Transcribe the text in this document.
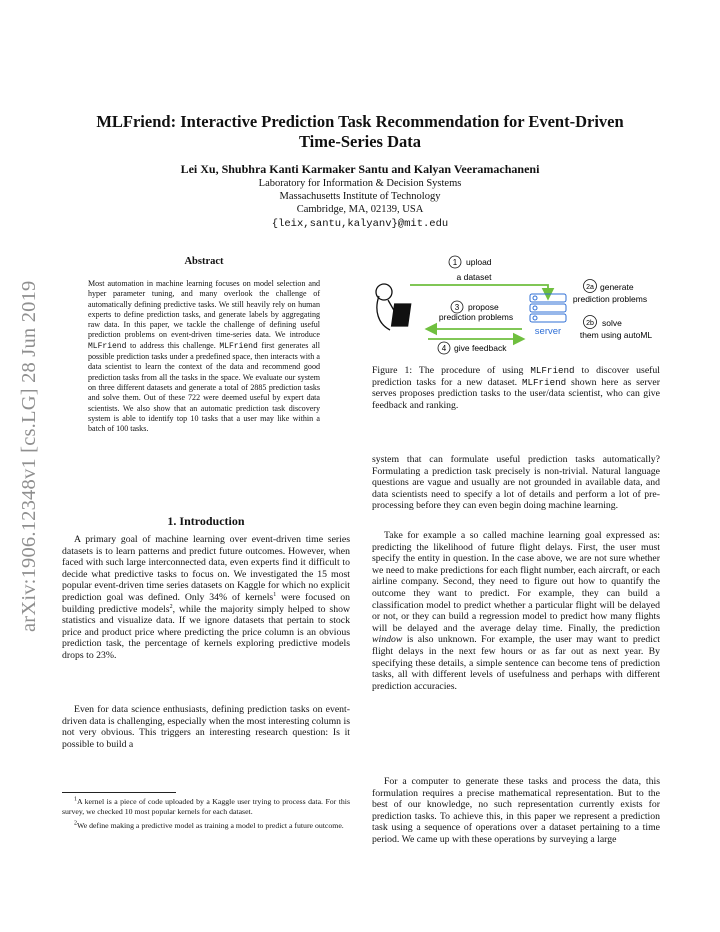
arXiv:1906.12348v1 [cs.LG] 28 Jun 2019
MLFriend: Interactive Prediction Task Recommendation for Event-Driven Time-Series Data
Lei Xu, Shubhra Kanti Karmaker Santu and Kalyan Veeramachaneni
Laboratory for Information & Decision Systems
Massachusetts Institute of Technology
Cambridge, MA, 02139, USA
{leix,santu,kalyanv}@mit.edu
Abstract
Most automation in machine learning focuses on model selection and hyper parameter tuning, and many overlook the challenge of automatically defining predictive tasks. We still heavily rely on human experts to define prediction tasks, and generate labels by aggregating raw data. In this paper, we tackle the challenge of defining useful prediction problems on event-driven time-series data. We introduce MLFriend to address this challenge. MLFriend first generates all possible prediction tasks under a predefined space, then interacts with a data scientist to learn the context of the data and recommend good prediction tasks from all the tasks in the space. We evaluate our system on three different datasets and generate a total of 2885 prediction tasks and solve them. Out of these 722 were deemed useful by expert data scientists. We also show that an automatic prediction task discovery system is able to identify top 10 tasks that a user may like within a batch of 100 tasks.
1. Introduction

A primary goal of machine learning over event-driven time series datasets is to learn patterns and predict future outcomes. However, when faced with such large interconnected data, even experts find it difficult to decide what predictive tasks to focus on. We investigated the 15 most popular event-driven time series datasets on Kaggle for which no explicit prediction goal was defined. Only 34% of kernels$^1$ were focused on building predictive models$^2$, while the majority simply helped to show statistics and visualize data. If we ignore datasets that pertain to stock price and product price where predicting the price column is an obvious prediction task, the percentage of kernels exploring predictive models drops to 23%.

Even for data science enthusiasts, defining prediction tasks on event-driven data is challenging, especially when the most interesting column is not very obvious. This triggers an interesting research question: Is it possible to build a

$^1$A kernel is a piece of code uploaded by a Kaggle user trying to process data. For this survey, we checked 10 most popular kernels for each dataset.

$^2$We define making a predictive model as training a model to predict a future outcome.

1 upload
a dataset
server
2a generate
prediction problems
2b solve
them using autoML
3 propose
prediction problems
4 give feedback

Figure 1: The procedure of using MLFriend to discover useful prediction tasks for a new dataset. MLFriend shown here as server serves proposes prediction tasks to the user/data scientist, who can give feedback and ranking.

system that can formulate useful prediction tasks automatically? Formulating a prediction task precisely is non-trivial. Natural language questions are vague and usually are not grounded in available data, and data scientists need to specify a lot of details and perform a lot of pre-processing before they can even begin doing machine learning.

Take for example a so called machine learning goal expressed as: predicting the likelihood of future flight delays. First, the user must specify the entity in question. In the case above, we are not sure whether we need to make predictions for each flight number, each aircraft, or each airline company. Second, they need to figure out how to quantify the outcome they want to predict. For example, they can build a classification model to predict whether a particular flight will be delayed or not, or they can build a regression model to predict how many flights will be delayed and the average delay time. Finally, the prediction window is also unknown. For example, the user may want to predict flight delays in the next few hours or as far out as next year. By specifying these details, a simple sentence can become tens of prediction tasks, all with different levels of usefulness and perhaps with different prediction accuracies.

For a computer to generate these tasks and process the data, this formulation requires a precise mathematical representation. But to the best of our knowledge, no such representation currently exists for prediction tasks. To achieve this, in this paper we represent a prediction task using a sequence of operations over a dataset pertaining to a time period. We came up with these operations by surveying a large
